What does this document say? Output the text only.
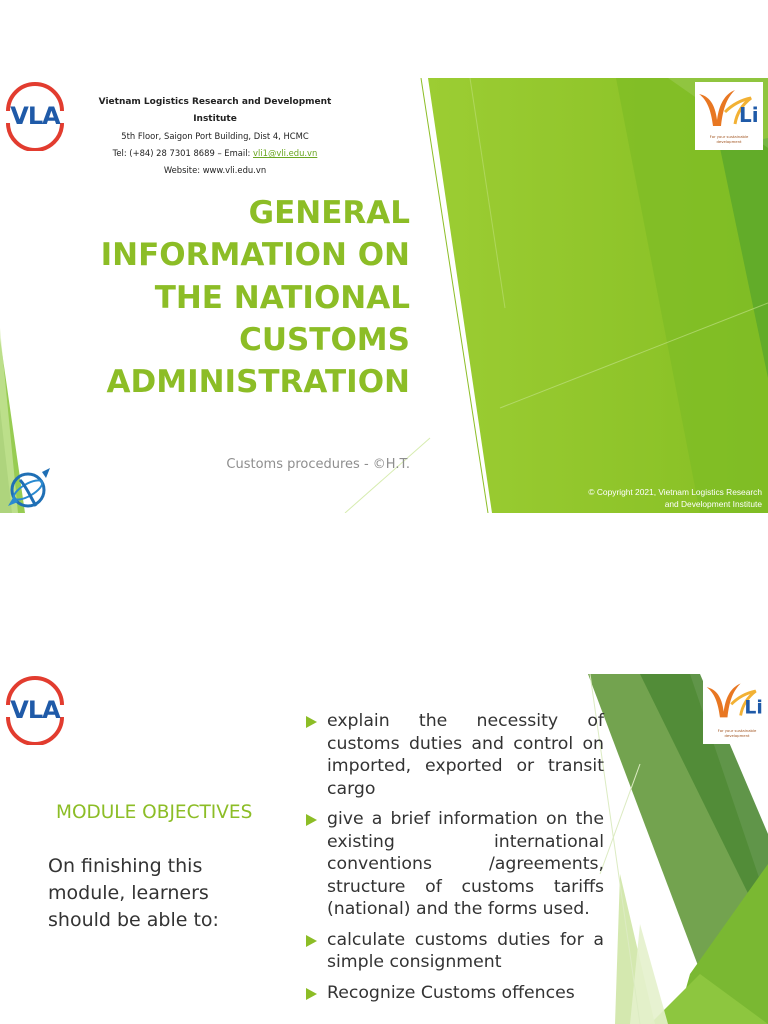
VLA	Vietnam Logistics Research and Development Institute
5th Floor, Saigon Port Building, Dist 4, HCMC
Tel: (+84) 28 7301 8689 – Email: vli1@vli.edu.vn
Website: www.vli.edu.vn
Li
For your sustainable development
GENERAL
INFORMATION ON
THE NATIONAL
CUSTOMS
ADMINISTRATION
Customs procedures - ©H.T.
© Copyright 2021, Vietnam Logistics Research
and Development Institute
VLA	Li
For your sustainable development
MODULE OBJECTIVES
On finishing this module, learners should be able to:
explain the necessity of customs duties and control on imported, exported or transit cargo
give a brief information on the existing international conventions /agreements, structure of customs tariffs (national) and the forms used.
calculate customs duties for a simple consignment
Recognize Customs offences
